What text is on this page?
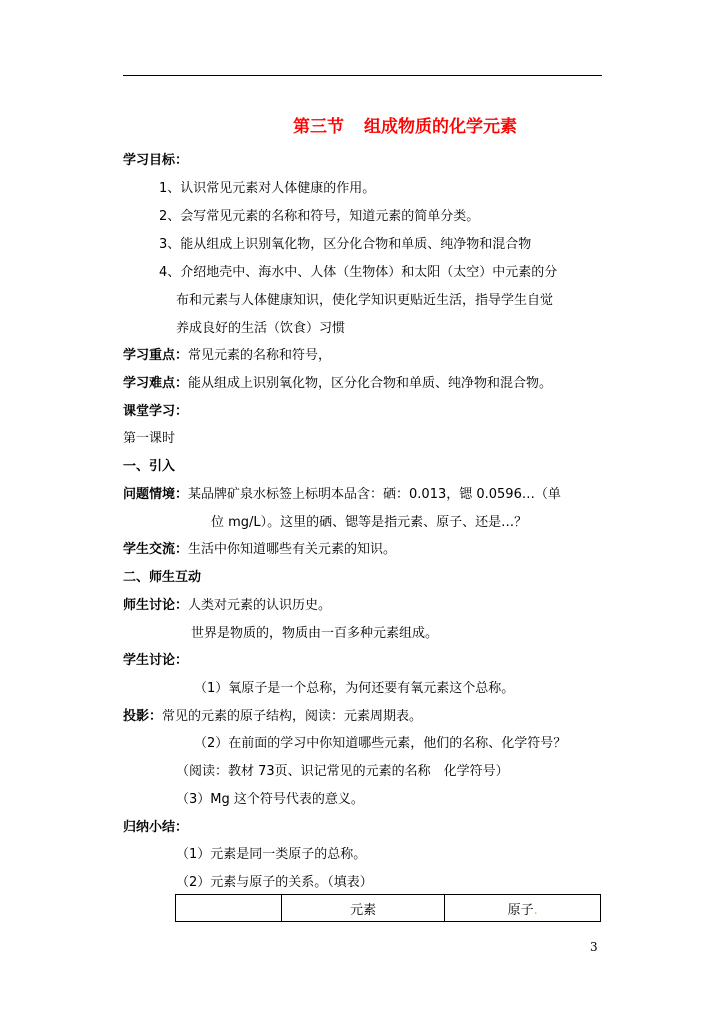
第三节 组成物质的化学元素
学习目标：
1、认识常见元素对人体健康的作用。
2、会写常见元素的名称和符号，知道元素的简单分类。
3、能从组成上识别氧化物，区分化合物和单质、纯净物和混合物
4、介绍地壳中、海水中、人体（生物体）和太阳（太空）中元素的分
布和元素与人体健康知识，使化学知识更贴近生活，指导学生自觉
养成良好的生活（饮食）习惯
学习重点：常见元素的名称和符号，
学习难点：能从组成上识别氧化物，区分化合物和单质、纯净物和混合物。
课堂学习：
第一课时
一、引入
问题情境：某品牌矿泉水标签上标明本品含：硒：0.013，锶 0.0596…（单
位 mg/L）。这里的硒、锶等是指元素、原子、还是…？
学生交流：生活中你知道哪些有关元素的知识。
二、师生互动
师生讨论：人类对元素的认识历史。
世界是物质的，物质由一百多种元素组成。
学生讨论：
（1）氧原子是一个总称，为何还要有氧元素这个总称。
投影：常见的元素的原子结构，阅读：元素周期表。
（2）在前面的学习中你知道哪些元素，他们的名称、化学符号？
（阅读：教材 73页、识记常见的元素的名称　化学符号）
（3）Mg 这个符号代表的意义。
归纳小结：
（1）元素是同一类原子的总称。
（2）元素与原子的关系。（填表）
	元素	原子.
3
